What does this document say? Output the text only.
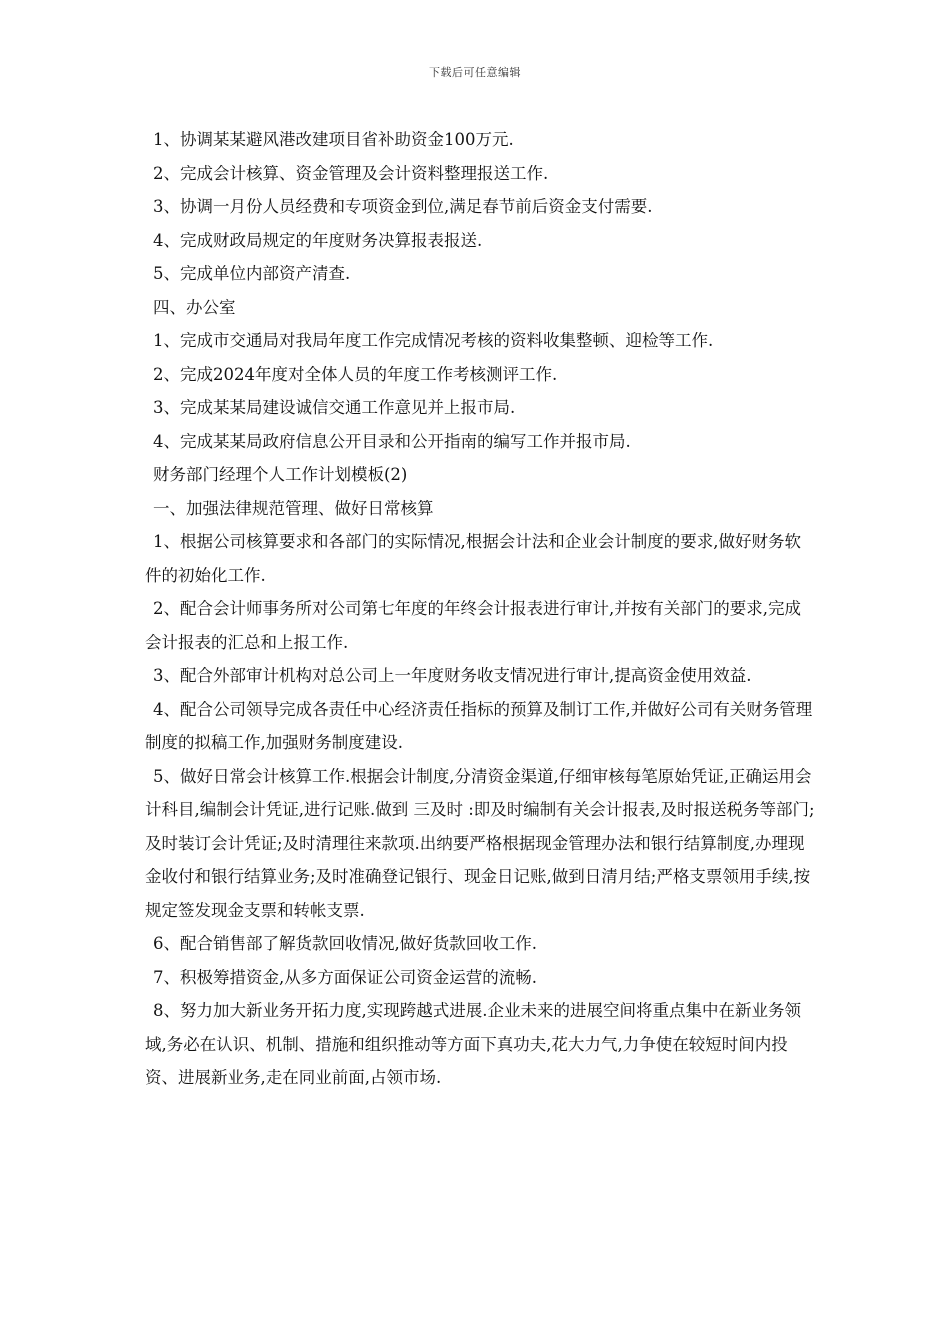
下载后可任意编辑

1、协调某某避风港改建项目省补助资金100万元.

2、完成会计核算、资金管理及会计资料整理报送工作.

3、协调一月份人员经费和专项资金到位,满足春节前后资金支付需要.

4、完成财政局规定的年度财务决算报表报送.

5、完成单位内部资产清查.

四、办公室

1、完成市交通局对我局年度工作完成情况考核的资料收集整顿、迎检等工作.

2、完成2024年度对全体人员的年度工作考核测评工作.

3、完成某某局建设诚信交通工作意见并上报市局.

4、完成某某局政府信息公开目录和公开指南的编写工作并报市局.

财务部门经理个人工作计划模板(2)

一、加强法律规范管理、做好日常核算

1、根据公司核算要求和各部门的实际情况,根据会计法和企业会计制度的要求,做好财务软件的初始化工作.

2、配合会计师事务所对公司第七年度的年终会计报表进行审计,并按有关部门的要求,完成会计报表的汇总和上报工作.

3、配合外部审计机构对总公司上一年度财务收支情况进行审计,提高资金使用效益.

4、配合公司领导完成各责任中心经济责任指标的预算及制订工作,并做好公司有关财务管理制度的拟稿工作,加强财务制度建设.

5、做好日常会计核算工作.根据会计制度,分清资金渠道,仔细审核每笔原始凭证,正确运用会计科目,编制会计凭证,进行记账.做到 三及时 :即及时编制有关会计报表,及时报送税务等部门;及时装订会计凭证;及时清理往来款项.出纳要严格根据现金管理办法和银行结算制度,办理现金收付和银行结算业务;及时准确登记银行、现金日记账,做到日清月结;严格支票领用手续,按规定签发现金支票和转帐支票.

6、配合销售部了解货款回收情况,做好货款回收工作.

7、积极筹措资金,从多方面保证公司资金运营的流畅.

8、努力加大新业务开拓力度,实现跨越式进展.企业未来的进展空间将重点集中在新业务领域,务必在认识、机制、措施和组织推动等方面下真功夫,花大力气,力争使在较短时间内投资、进展新业务,走在同业前面,占领市场.
